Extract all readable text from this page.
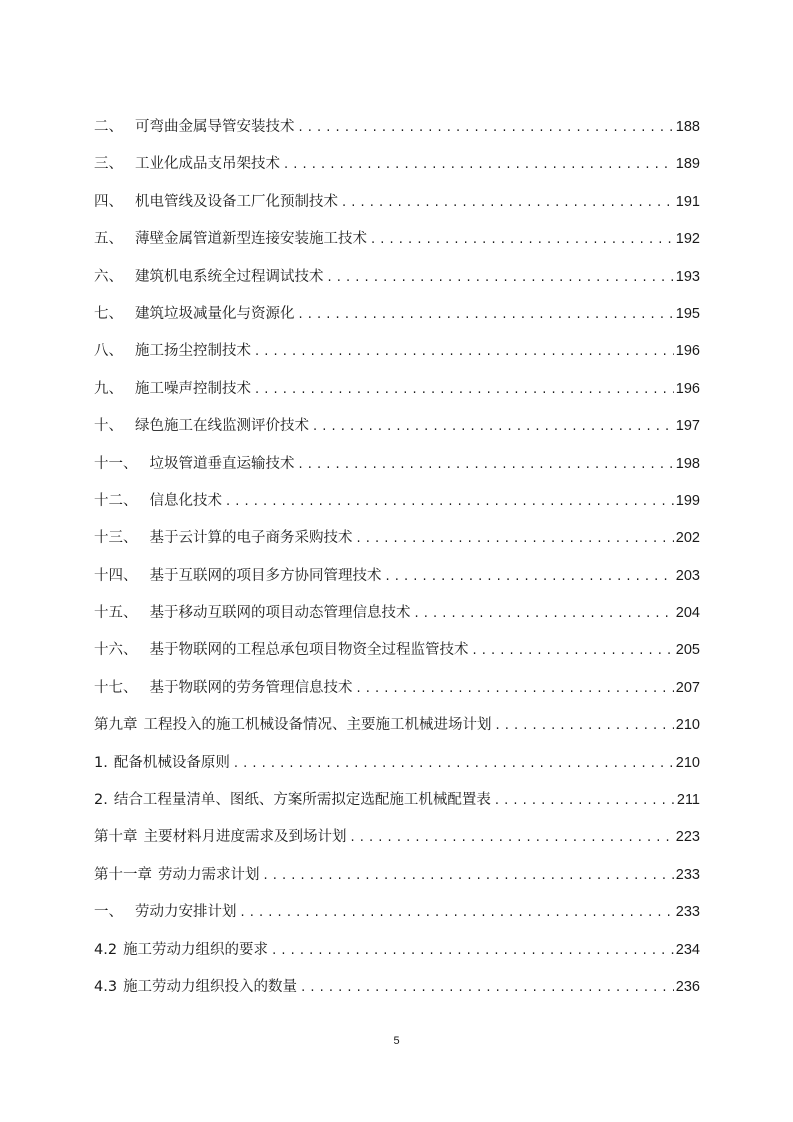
二、 可弯曲金属导管安装技术 . . .	188
三、 工业化成品支吊架技术 . . .	189
四、 机电管线及设备工厂化预制技术 . . .	191
五、 薄壁金属管道新型连接安装施工技术 . . .	192
六、 建筑机电系统全过程调试技术 . . .	193
七、 建筑垃圾减量化与资源化 . . .	195
八、 施工扬尘控制技术 . . .	196
九、 施工噪声控制技术 . . .	196
十、 绿色施工在线监测评价技术 . . .	197
十一、 垃圾管道垂直运输技术 . . .	198
十二、 信息化技术 . . .	199
十三、 基于云计算的电子商务采购技术 . . .	202
十四、 基于互联网的项目多方协同管理技术 . . .	203
十五、 基于移动互联网的项目动态管理信息技术 . . .	204
十六、 基于物联网的工程总承包项目物资全过程监管技术 . . .	205
十七、 基于物联网的劳务管理信息技术 . . .	207
第九章 工程投入的施工机械设备情况、主要施工机械进场计划 . . .	210
1. 配备机械设备原则 . . .	210
2. 结合工程量清单、图纸、方案所需拟定选配施工机械配置表 . . .	211
第十章 主要材料月进度需求及到场计划 . . .	223
第十一章 劳动力需求计划 . . .	233
一、 劳动力安排计划 . . .	233
4.2 施工劳动力组织的要求 . . .	234
4.3 施工劳动力组织投入的数量 . . .	236
5
